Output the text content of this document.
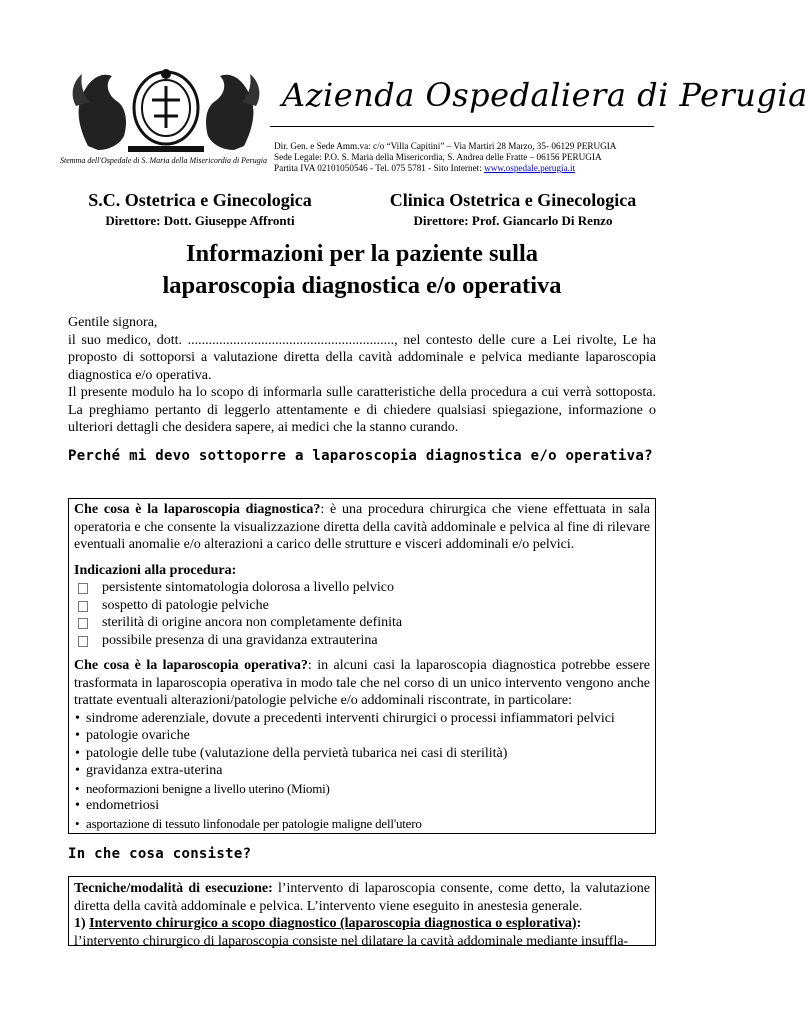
Stemma dell'Ospedale di S. Maria della Misericordia di Perugia
Azienda Ospedaliera di Perugia
Dir. Gen. e Sede Amm.va: c/o “Villa Capitini” – Via Martiri 28 Marzo, 35- 06129 PERUGIA
Sede Legale: P.O. S. Maria della Misericordia, S. Andrea delle Fratte – 06156 PERUGIA
Partita IVA 02101050546 - Tel. 075 5781 - Sito Internet: www.ospedale.perugia.it
S.C. Ostetrica e Ginecologica
Direttore: Dott. Giuseppe Affronti
Clinica Ostetrica e Ginecologica
Direttore: Prof. Giancarlo Di Renzo
Informazioni per la paziente sulla
laparoscopia diagnostica e/o operativa

Gentile signora,

il suo medico, dott. ..........................................................., nel contesto delle cure a Lei rivolte, Le ha proposto di sottoporsi a valutazione diretta della cavità addominale e pelvica mediante laparoscopia diagnostica e/o operativa.

Il presente modulo ha lo scopo di informarla sulle caratteristiche della procedura a cui verrà sottoposta. La preghiamo pertanto di leggerlo attentamente e di chiedere qualsiasi spiegazione, informazione o ulteriori dettagli che desidera sapere, ai medici che la stanno curando.

Perché mi devo sottoporre a laparoscopia diagnostica e/o operativa?

Che cosa è la laparoscopia diagnostica?: è una procedura chirurgica che viene effettuata in sala operatoria e che consente la visualizzazione diretta della cavità addominale e pelvica al fine di rilevare eventuali anomalie e/o alterazioni a carico delle strutture e visceri addominali e/o pelvici.

Indicazioni alla procedura:

persistente sintomatologia dolorosa a livello pelvico
sospetto di patologie pelviche
sterilità di origine ancora non completamente definita
possibile presenza di una gravidanza extrauterina

Che cosa è la laparoscopia operativa?: in alcuni casi la laparoscopia diagnostica potrebbe essere trasformata in laparoscopia operativa in modo tale che nel corso di un unico intervento vengono anche trattate eventuali alterazioni/patologie pelviche e/o addominali riscontrate, in particolare:

• sindrome aderenziale, dovute a precedenti interventi chirurgici o processi infiammatori pelvici
• patologie ovariche
• patologie delle tube (valutazione della pervietà tubarica nei casi di sterilità)
• gravidanza extra-uterina
• neoformazioni benigne a livello uterino (Miomi)
• endometriosi
• asportazione di tessuto linfonodale per patologie maligne dell'utero
In che cosa consiste?

Tecniche/modalità di esecuzione: l’intervento di laparoscopia consente, come detto, la valutazione diretta della cavità addominale e pelvica. L’intervento viene eseguito in anestesia generale.

1) Intervento chirurgico a scopo diagnostico (laparoscopia diagnostica o esplorativa):

l’intervento chirurgico di laparoscopia consiste nel dilatare la cavità addominale mediante insuffla-
